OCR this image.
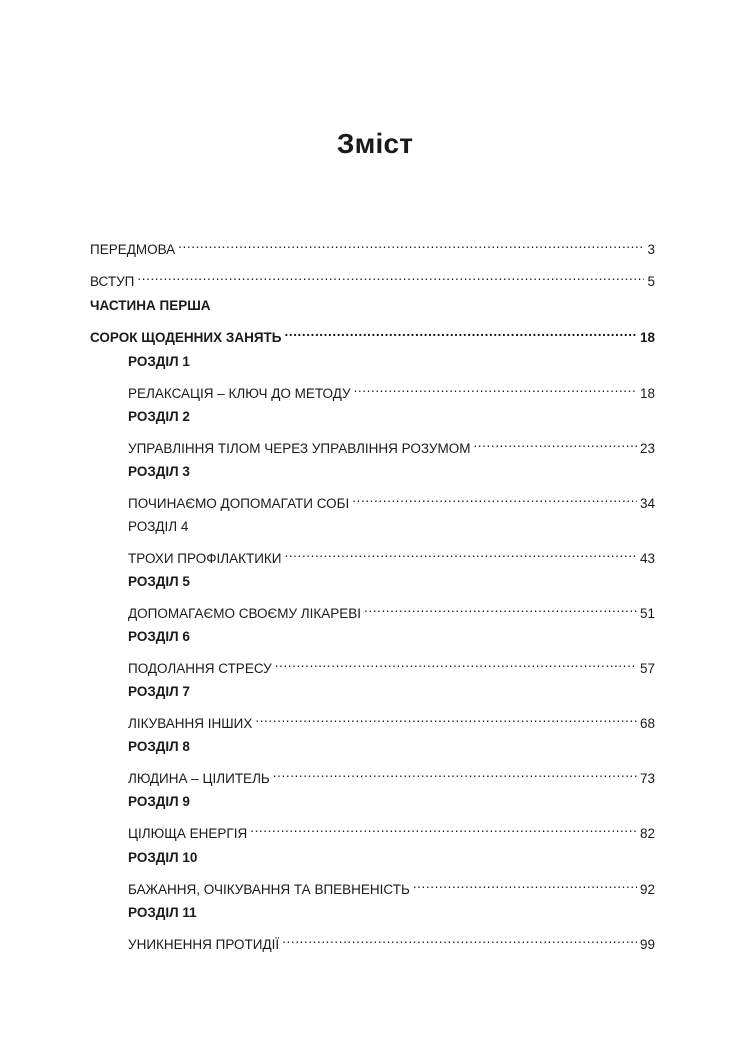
Зміст
ПЕРЕДМОВА .....	3
ВСТУП .....	5
ЧАСТИНА ПЕРША
СОРОК ЩОДЕННИХ ЗАНЯТЬ .....	18
РОЗДІЛ 1
РЕЛАКСАЦІЯ – КЛЮЧ ДО МЕТОДУ .....	18
РОЗДІЛ 2
УПРАВЛІННЯ ТІЛОМ ЧЕРЕЗ УПРАВЛІННЯ РОЗУМОМ .....	23
РОЗДІЛ 3
ПОЧИНАЄМО ДОПОМАГАТИ СОБІ .....	34
РОЗДІЛ 4
ТРОХИ ПРОФІЛАКТИКИ .....	43
РОЗДІЛ 5
ДОПОМАГАЄМО СВОЄМУ ЛІКАРЕВІ .....	51
РОЗДІЛ 6
ПОДОЛАННЯ СТРЕСУ .....	57
РОЗДІЛ 7
ЛІКУВАННЯ ІНШИХ .....	68
РОЗДІЛ 8
ЛЮДИНА – ЦІЛИТЕЛЬ .....	73
РОЗДІЛ 9
ЦІЛЮЩА ЕНЕРГІЯ .....	82
РОЗДІЛ 10
БАЖАННЯ, ОЧІКУВАННЯ ТА ВПЕВНЕНІСТЬ .....	92
РОЗДІЛ 11
УНИКНЕННЯ ПРОТИДІЇ .....	99
